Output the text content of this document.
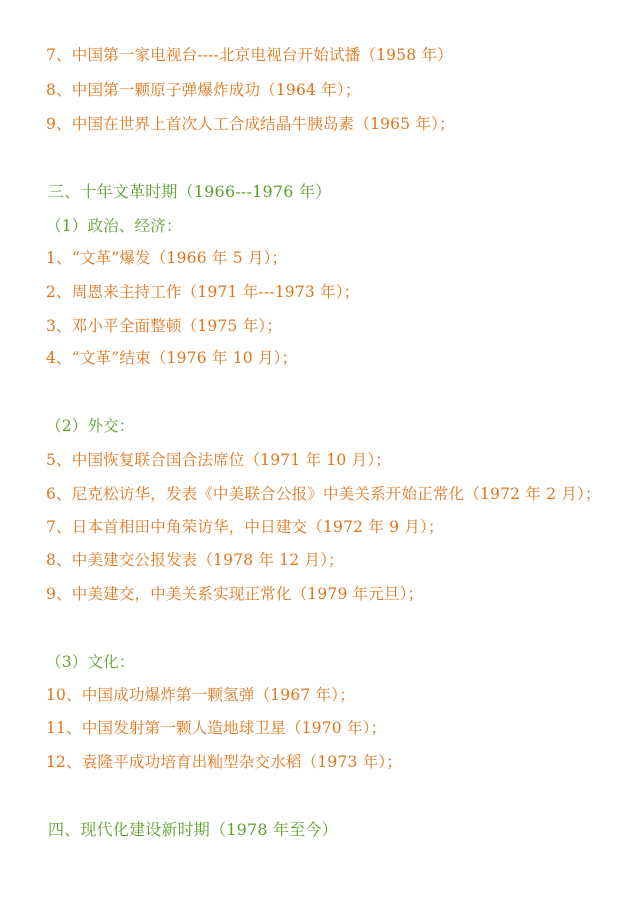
7、中国第一家电视台----北京电视台开始试播（1958 年）
8、中国第一颗原子弹爆炸成功（1964 年）；
9、中国在世界上首次人工合成结晶牛胰岛素（1965 年）；
三、十年文革时期（1966---1976 年）
（1）政治、经济：
1、“文革”爆发（1966 年 5 月）；
2、周恩来主持工作（1971 年---1973 年）；
3、邓小平全面整顿（1975 年）；
4、“文革”结束（1976 年 10 月）；
（2）外交：
5、中国恢复联合国合法席位（1971 年 10 月）；
6、尼克松访华，发表《中美联合公报》中美关系开始正常化（1972 年 2 月）；
7、日本首相田中角荣访华，中日建交（1972 年 9 月）；
8、中美建交公报发表（1978 年 12 月）；
9、中美建交，中美关系实现正常化（1979 年元旦）；
（3）文化：
10、中国成功爆炸第一颗氢弹（1967 年）；
11、中国发射第一颗人造地球卫星（1970 年）；
12、袁隆平成功培育出籼型杂交水稻（1973 年）；
四、现代化建设新时期（1978 年至今）
